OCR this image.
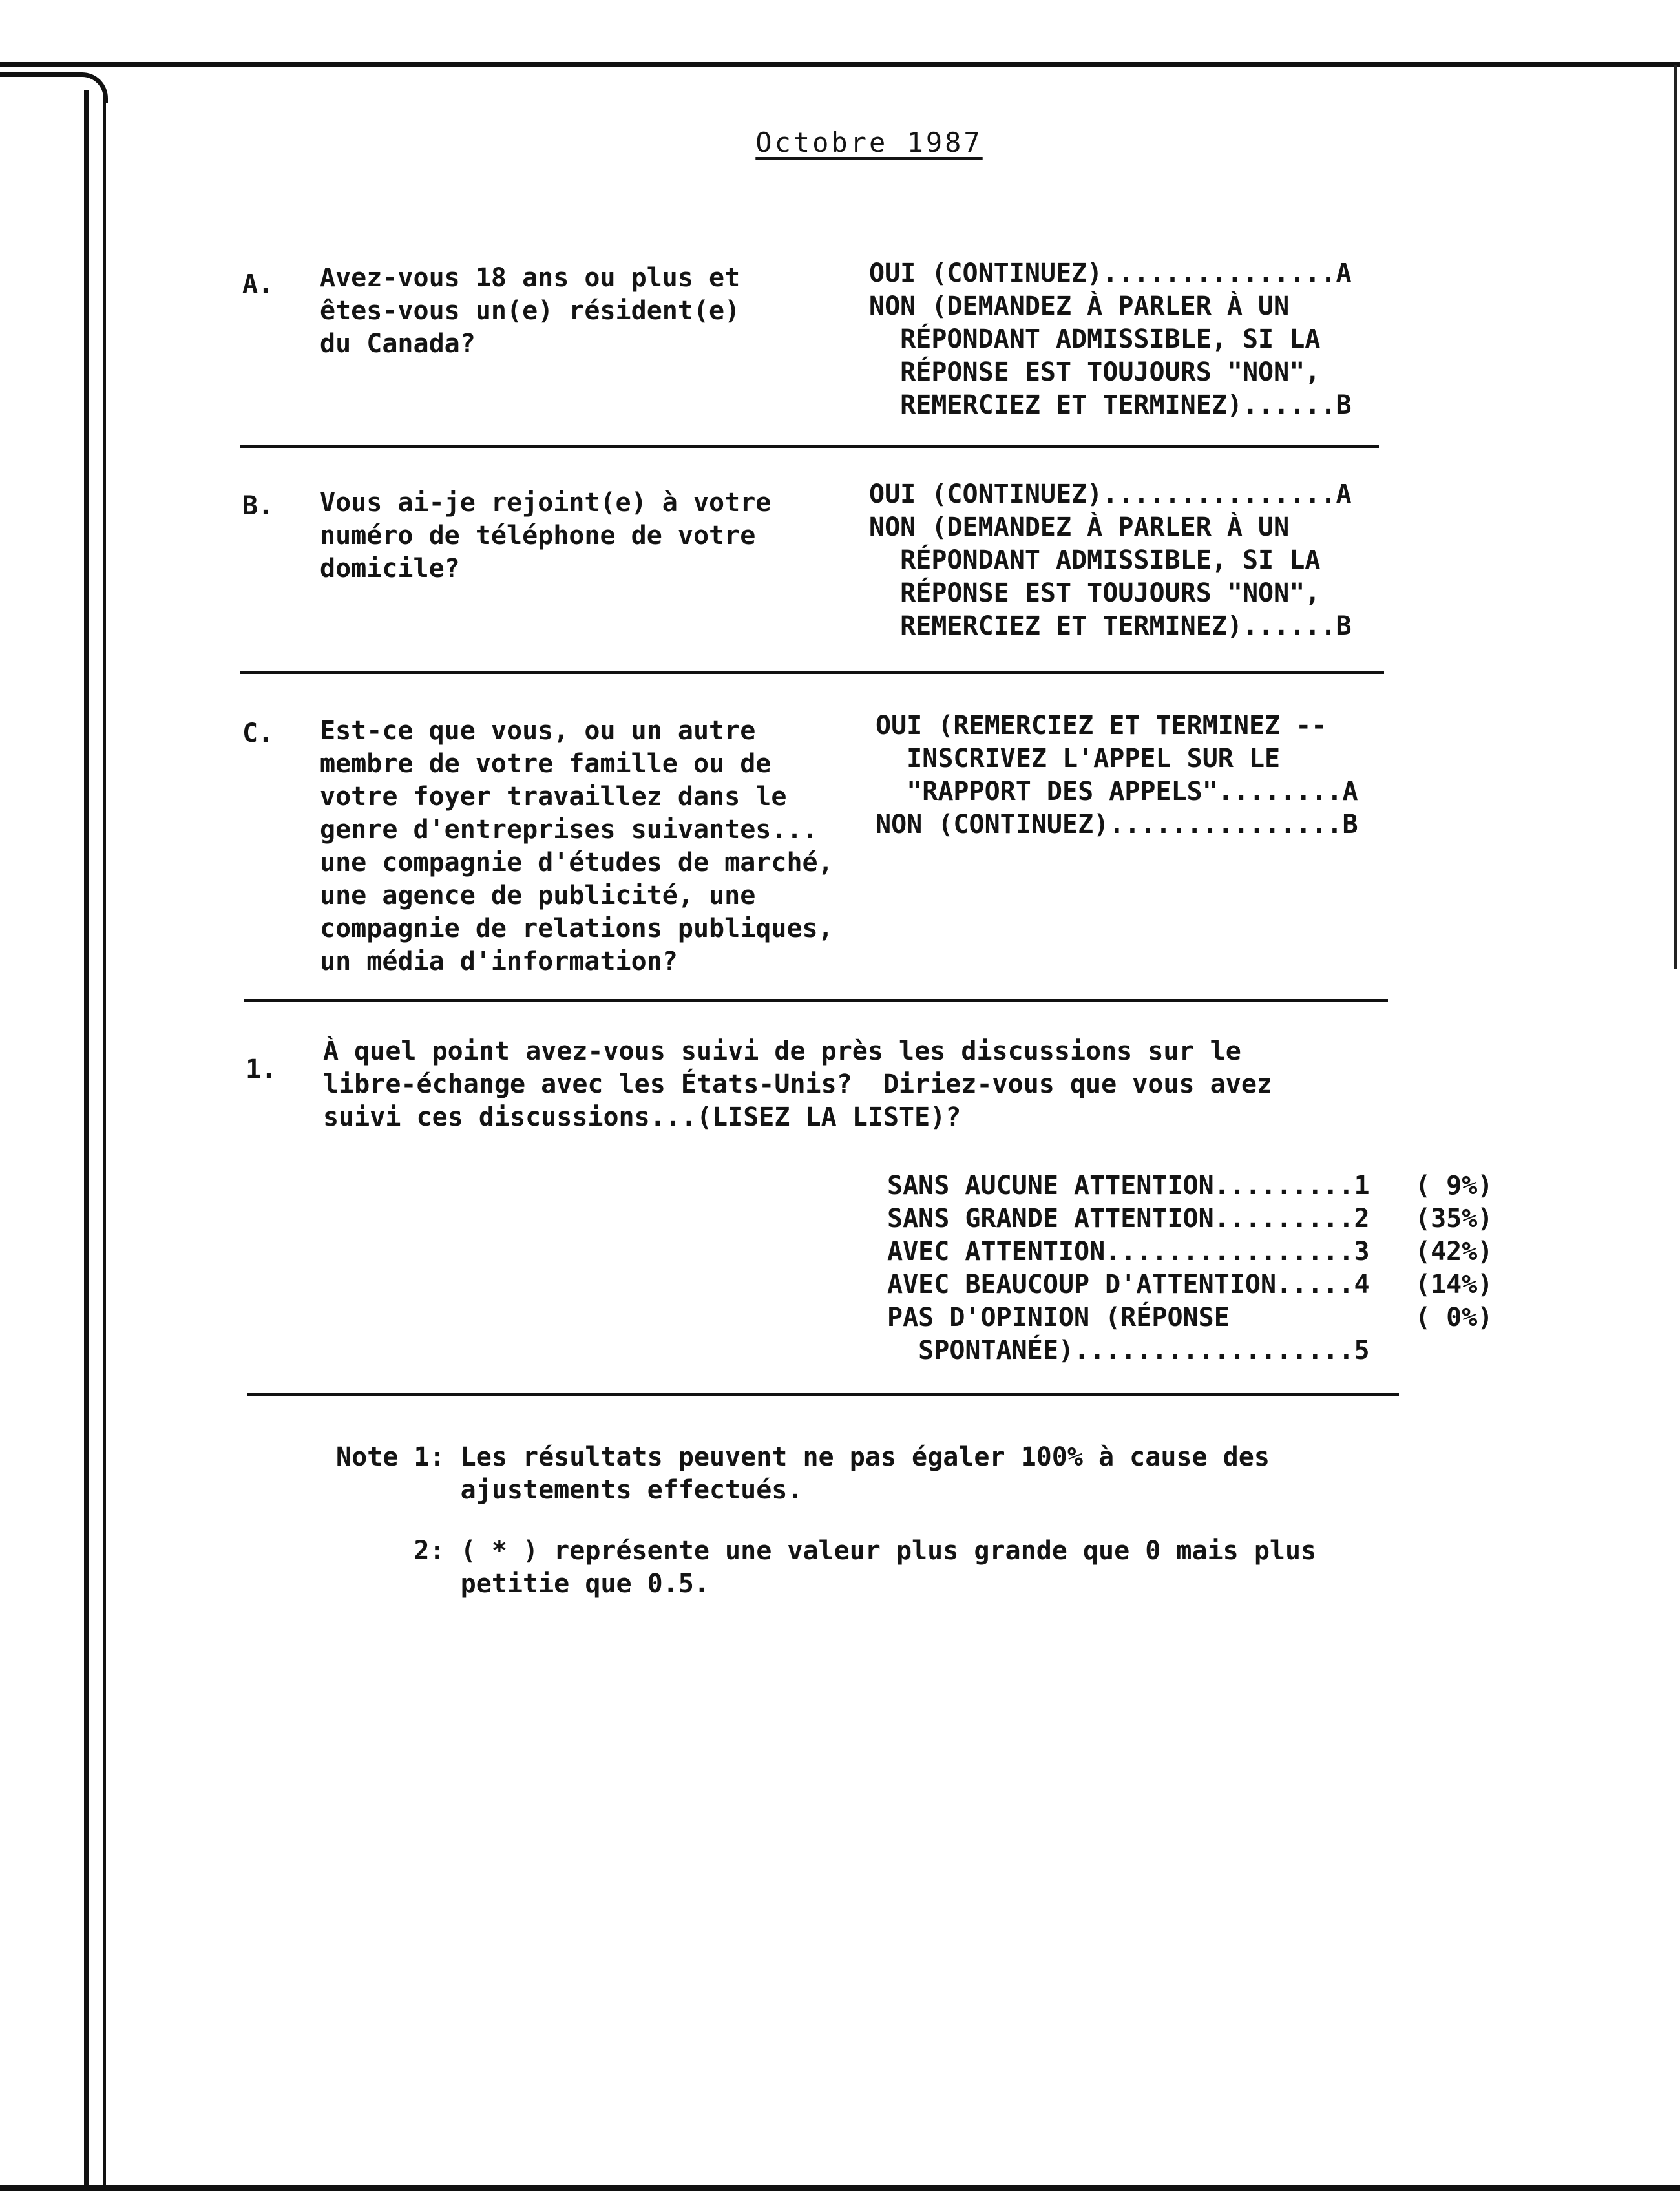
Octobre 1987

A. Avez-vous 18 ans ou plus et

êtes-vous un(e) résident(e)

du Canada?

OUI (CONTINUEZ)...............A

NON (DEMANDEZ À PARLER À UN

RÉPONDANT ADMISSIBLE, SI LA

RÉPONSE EST TOUJOURS "NON",

REMERCIEZ ET TERMINEZ)......B

B. Vous ai-je rejoint(e) à votre

numéro de téléphone de votre

domicile?

OUI (CONTINUEZ)...............A

NON (DEMANDEZ À PARLER À UN

RÉPONDANT ADMISSIBLE, SI LA

RÉPONSE EST TOUJOURS "NON",

REMERCIEZ ET TERMINEZ)......B

C. Est-ce que vous, ou un autre

membre de votre famille ou de

votre foyer travaillez dans le

genre d'entreprises suivantes...

une compagnie d'études de marché,

une agence de publicité, une

compagnie de relations publiques,

un média d'information?

OUI (REMERCIEZ ET TERMINEZ --

INSCRIVEZ L'APPEL SUR LE

"RAPPORT DES APPELS"........A

NON (CONTINUEZ)...............B

1.

À quel point avez-vous suivi de près les discussions sur le

libre-échange avec les États-Unis?  Diriez-vous que vous avez

suivi ces discussions...(LISEZ LA LISTE)?

SANS AUCUNE ATTENTION.........1

SANS GRANDE ATTENTION.........2

AVEC ATTENTION................3

AVEC BEAUCOUP D'ATTENTION.....4

PAS D'OPINION (RÉPONSE

SPONTANÉE)..................5

( 9%)

(35%)

(42%)

(14%)

( 0%)

Note 1: Les résultats peuvent ne pas égaler 100% à cause des

ajustements effectués.

2: ( * ) représente une valeur plus grande que 0 mais plus

petitie que 0.5.
